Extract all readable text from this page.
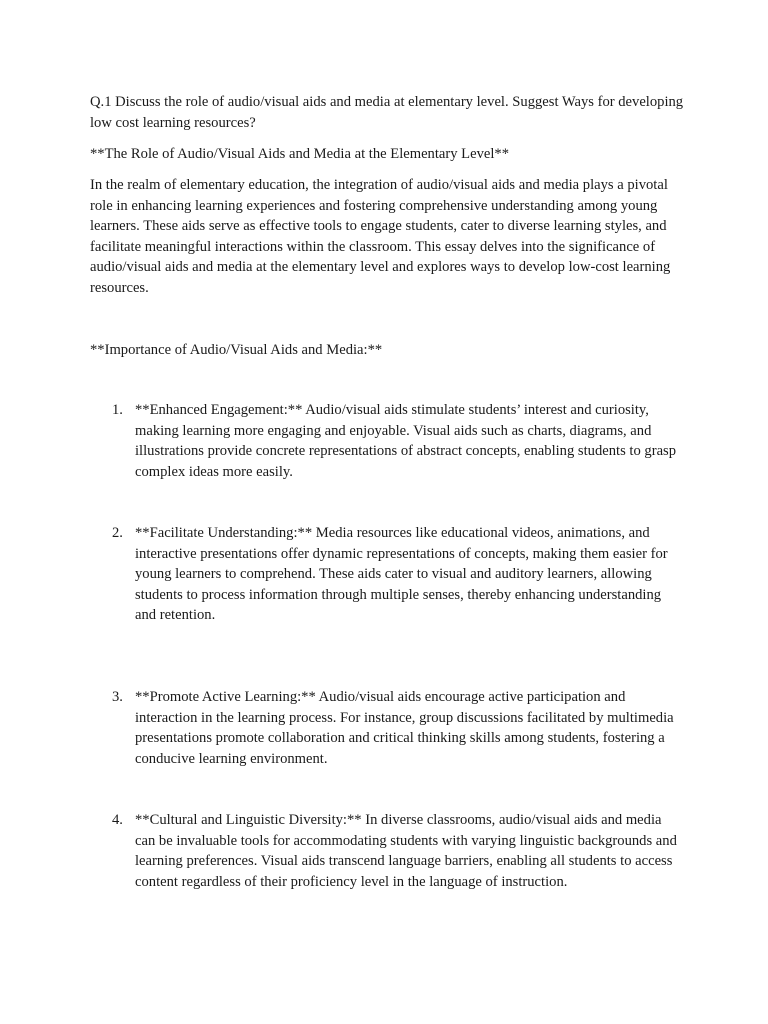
Q.1 Discuss the role of audio/visual aids and media at elementary level. Suggest Ways for developing low cost learning resources?

**The Role of Audio/Visual Aids and Media at the Elementary Level**

In the realm of elementary education, the integration of audio/visual aids and media plays a pivotal role in enhancing learning experiences and fostering comprehensive understanding among young learners. These aids serve as effective tools to engage students, cater to diverse learning styles, and facilitate meaningful interactions within the classroom. This essay delves into the significance of audio/visual aids and media at the elementary level and explores ways to develop low-cost learning resources.

**Importance of Audio/Visual Aids and Media:**

1. **Enhanced Engagement:** Audio/visual aids stimulate students’ interest and curiosity, making learning more engaging and enjoyable. Visual aids such as charts, diagrams, and illustrations provide concrete representations of abstract concepts, enabling students to grasp complex ideas more easily.

2. **Facilitate Understanding:** Media resources like educational videos, animations, and interactive presentations offer dynamic representations of concepts, making them easier for young learners to comprehend. These aids cater to visual and auditory learners, allowing students to process information through multiple senses, thereby enhancing understanding and retention.

3. **Promote Active Learning:** Audio/visual aids encourage active participation and interaction in the learning process. For instance, group discussions facilitated by multimedia presentations promote collaboration and critical thinking skills among students, fostering a conducive learning environment.

4. **Cultural and Linguistic Diversity:** In diverse classrooms, audio/visual aids and media can be invaluable tools for accommodating students with varying linguistic backgrounds and learning preferences. Visual aids transcend language barriers, enabling all students to access content regardless of their proficiency level in the language of instruction.
